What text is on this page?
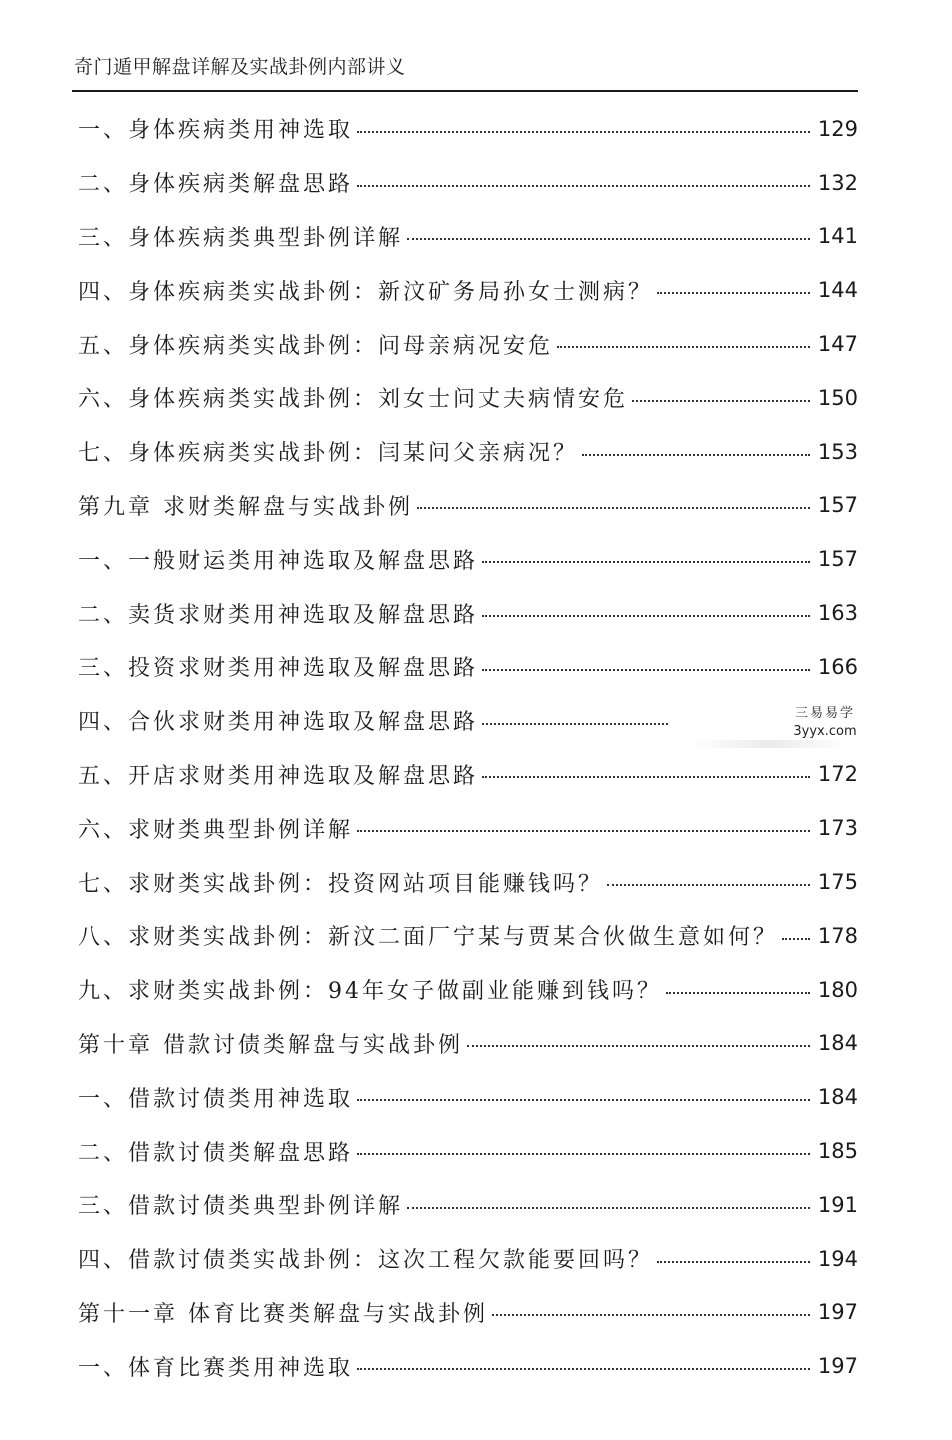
奇门遁甲解盘详解及实战卦例内部讲义
一、身体疾病类用神选取	129
二、身体疾病类解盘思路	132
三、身体疾病类典型卦例详解	141
四、身体疾病类实战卦例：新汶矿务局孙女士测病？	144
五、身体疾病类实战卦例：问母亲病况安危	147
六、身体疾病类实战卦例：刘女士问丈夫病情安危	150
七、身体疾病类实战卦例：闫某问父亲病况？	153
第九章 求财类解盘与实战卦例	157
一、一般财运类用神选取及解盘思路	157
二、卖货求财类用神选取及解盘思路	163
三、投资求财类用神选取及解盘思路	166
四、合伙求财类用神选取及解盘思路
五、开店求财类用神选取及解盘思路	172
六、求财类典型卦例详解	173
七、求财类实战卦例：投资网站项目能赚钱吗？	175
八、求财类实战卦例：新汶二面厂宁某与贾某合伙做生意如何？ 178
九、求财类实战卦例：94年女子做副业能赚到钱吗？	180
第十章 借款讨债类解盘与实战卦例	184
一、借款讨债类用神选取	184
二、借款讨债类解盘思路	185
三、借款讨债类典型卦例详解	191
四、借款讨债类实战卦例：这次工程欠款能要回吗？	194
第十一章 体育比赛类解盘与实战卦例	197
一、体育比赛类用神选取	197
三易易学
3yyx.com
